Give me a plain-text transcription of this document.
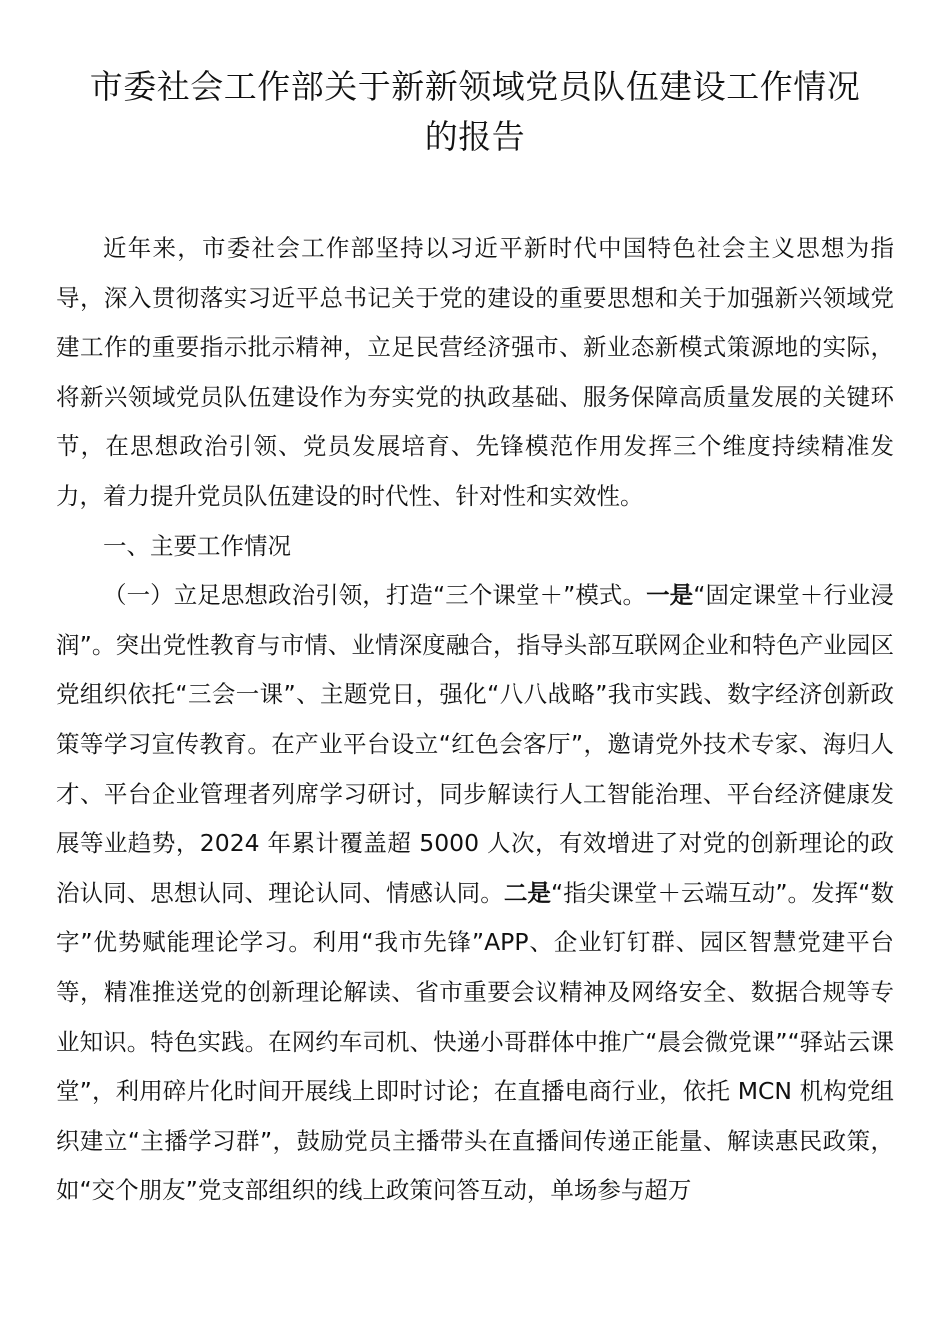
市委社会工作部关于新新领域党员队伍建设工作情况
的报告

近年来，市委社会工作部坚持以习近平新时代中国特色社会主义思想为指导，深入贯彻落实习近平总书记关于党的建设的重要思想和关于加强新兴领域党建工作的重要指示批示精神，立足民营经济强市、新业态新模式策源地的实际，将新兴领域党员队伍建设作为夯实党的执政基础、服务保障高质量发展的关键环节，在思想政治引领、党员发展培育、先锋模范作用发挥三个维度持续精准发力，着力提升党员队伍建设的时代性、针对性和实效性。

一、主要工作情况

（一）立足思想政治引领，打造“三个课堂＋”模式。一是“固定课堂＋行业浸润”。突出党性教育与市情、业情深度融合，指导头部互联网企业和特色产业园区党组织依托“三会一课”、主题党日，强化“八八战略”我市实践、数字经济创新政策等学习宣传教育。在产业平台设立“红色会客厅”，邀请党外技术专家、海归人才、平台企业管理者列席学习研讨，同步解读行人工智能治理、平台经济健康发展等业趋势，2024 年累计覆盖超 5000 人次，有效增进了对党的创新理论的政治认同、思想认同、理论认同、情感认同。二是“指尖课堂＋云端互动”。发挥“数字”优势赋能理论学习。利用“我市先锋”APP、企业钉钉群、园区智慧党建平台等，精准推送党的创新理论解读、省市重要会议精神及网络安全、数据合规等专业知识。特色实践。在网约车司机、快递小哥群体中推广“晨会微党课”“驿站云课堂”，利用碎片化时间开展线上即时讨论；在直播电商行业，依托 MCN 机构党组织建立“主播学习群”，鼓励党员主播带头在直播间传递正能量、解读惠民政策，如“交个朋友”党支部组织的线上政策问答互动，单场参与超万
